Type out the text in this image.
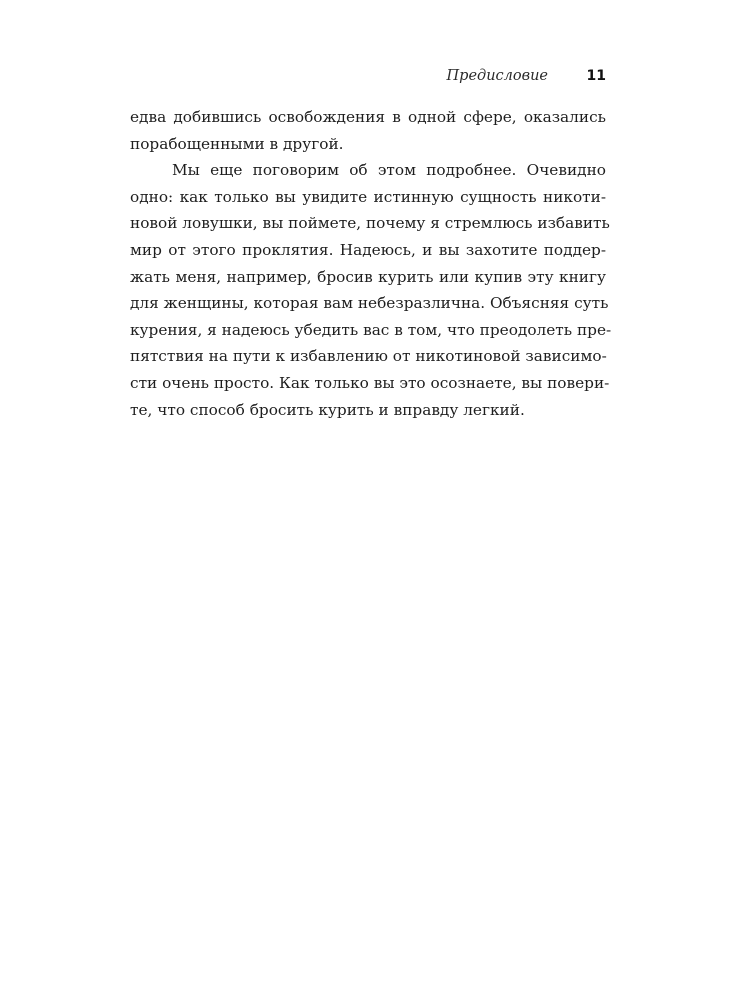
Предисловие	11
едва добившись освобождения в одной сфере, оказались
порабощенными в другой.
Мы еще поговорим об этом подробнее. Очевидно
одно: как только вы увидите истинную сущность никоти-
новой ловушки, вы поймете, почему я стремлюсь избавить
мир от этого проклятия. Надеюсь, и вы захотите поддер-
жать меня, например, бросив курить или купив эту книгу
для женщины, которая вам небезразлична. Объясняя суть
курения, я надеюсь убедить вас в том, что преодолеть пре-
пятствия на пути к избавлению от никотиновой зависимо-
сти очень просто. Как только вы это осознаете, вы повери-
те, что способ бросить курить и вправду легкий.
